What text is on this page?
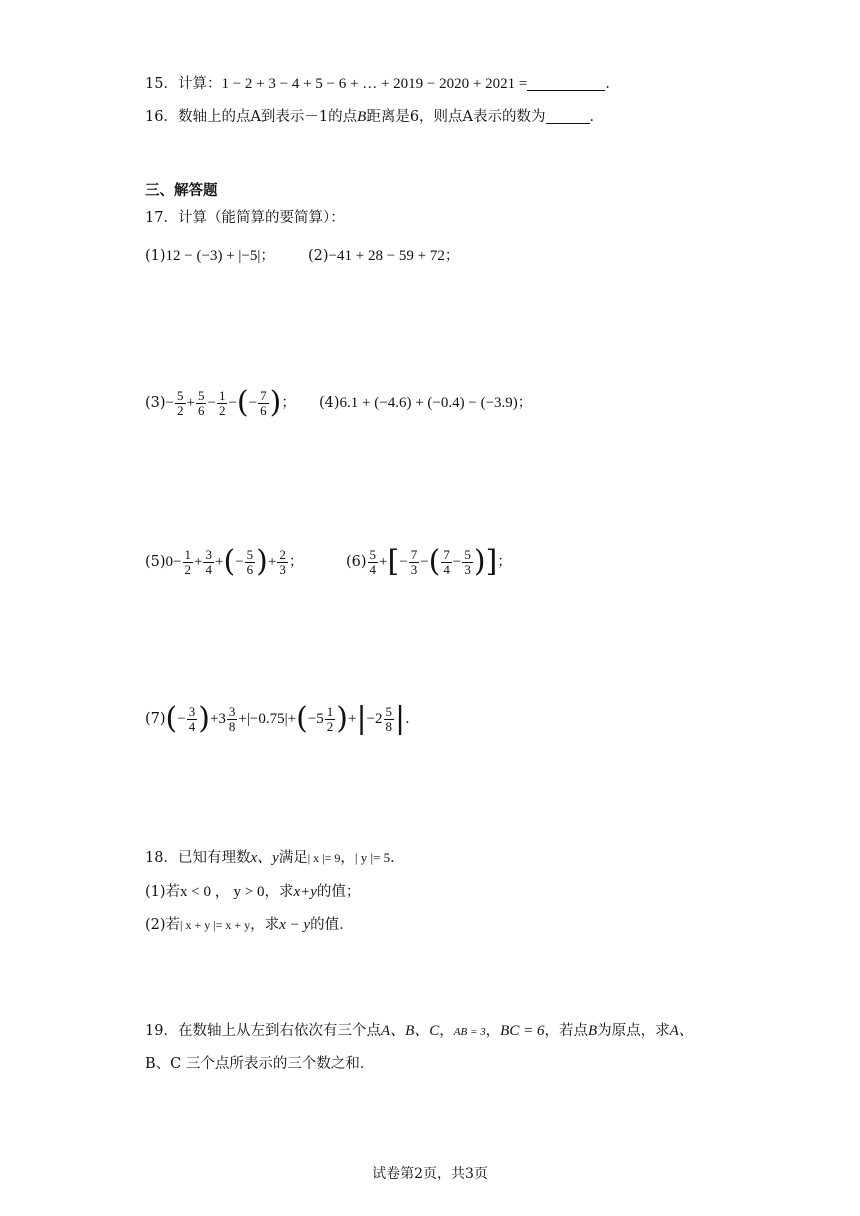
15．计算：1 − 2 + 3 − 4 + 5 − 6 + … + 2019 − 2020 + 2021 =	．
16．数轴上的点A到表示－1的点B距离是6，则点A表示的数为	．
三、解答题
17．计算（能简算的要简算）：
(1)12 − (−3) + |−5|； (2)−41 + 28 − 59 + 72；
$(3)- \frac{5}{2} + \frac{5}{6} - \frac{1}{2}$ −(− $\frac{7}{6}$ )； (4)6.1 + (−4.6) + (−0.4) − (−3.9)；
$(5)0- \frac{1}{2} + \frac{3}{4}$ +(− $\frac{5}{6}$ )+ $\frac{2}{3}$ ；	$(6) \frac{5}{4}$ +[− $\frac{7}{3}$ −( $\frac{7}{4} - \frac{5}{3}$ )]；
$(7)(- \frac{3}{4} )+3 \frac{3}{8} +|-0.75|+(-5 \frac{1}{2} )+|-2 \frac{5}{8}$ |．
18．已知有理数x、y满足| x |= 9，| y |= 5．
(1)若x < 0 ， y > 0，求x+y的值；
(2)若| x + y |= x + y，求x − y的值．
19．在数轴上从左到右依次有三个点A、B、C，AB = 3，BC = 6，若点B为原点，求A、
B、C 三个点所表示的三个数之和．
试卷第2页，共3页
